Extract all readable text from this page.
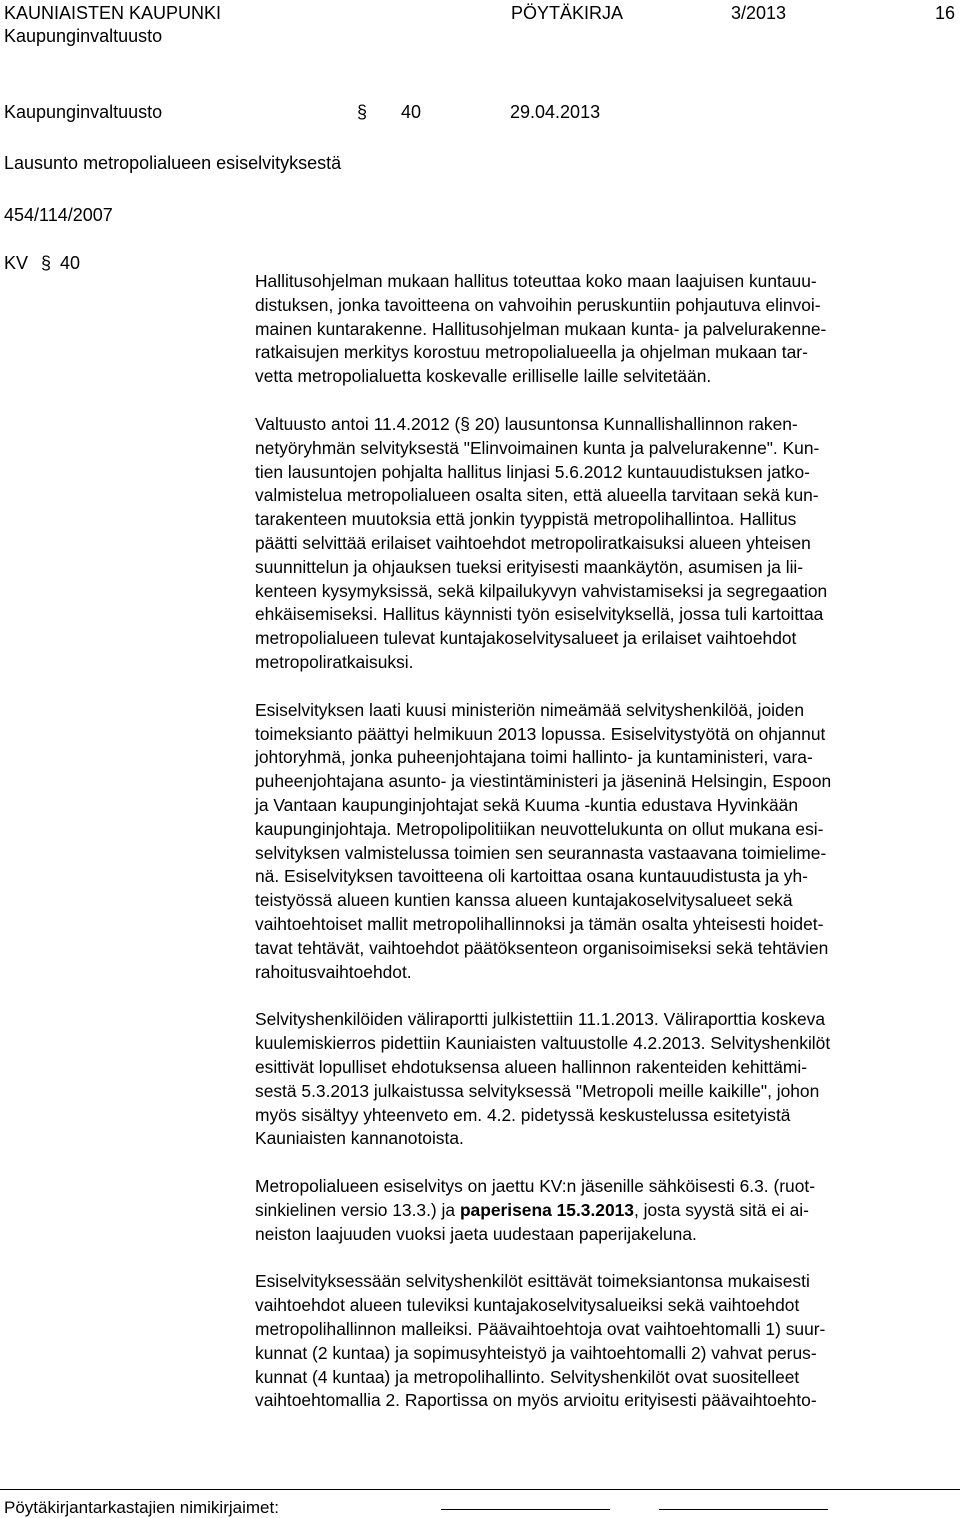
KAUNIAISTEN KAUPUNKI	PÖYTÄKIRJA	3/2013	16
Kaupunginvaltuusto
Kaupunginvaltuusto	§ 40	29.04.2013
Lausunto metropolialueen esiselvityksestä
454/114/2007
KV § 40

Hallitusohjelman mukaan hallitus toteuttaa koko maan laajuisen kuntauu-
distuksen, jonka tavoitteena on vahvoihin peruskuntiin pohjautuva elinvoi-
mainen kuntarakenne. Hallitusohjelman mukaan kunta- ja palvelurakenne-
ratkaisujen merkitys korostuu metropolialueella ja ohjelman mukaan tar-
vetta metropolialuetta koskevalle erilliselle laille selvitetään.

Valtuusto antoi 11.4.2012 (§ 20) lausuntonsa Kunnallishallinnon raken-
netyöryhmän selvityksestä "Elinvoimainen kunta ja palvelurakenne". Kun-
tien lausuntojen pohjalta hallitus linjasi 5.6.2012 kuntauudistuksen jatko-
valmistelua metropolialueen osalta siten, että alueella tarvitaan sekä kun-
tarakenteen muutoksia että jonkin tyyppistä metropolihallintoa. Hallitus
päätti selvittää erilaiset vaihtoehdot metropoliratkaisuksi alueen yhteisen
suunnittelun ja ohjauksen tueksi erityisesti maankäytön, asumisen ja lii-
kenteen kysymyksissä, sekä kilpailukyvyn vahvistamiseksi ja segregaation
ehkäisemiseksi. Hallitus käynnisti työn esiselvityksellä, jossa tuli kartoittaa
metropolialueen tulevat kuntajakoselvitysalueet ja erilaiset vaihtoehdot
metropoliratkaisuksi.

Esiselvityksen laati kuusi ministeriön nimeämää selvityshenkilöä, joiden
toimeksianto päättyi helmikuun 2013 lopussa. Esiselvitystyötä on ohjannut
johtoryhmä, jonka puheenjohtajana toimi hallinto- ja kuntaministeri, vara-
puheenjohtajana asunto- ja viestintäministeri ja jäseninä Helsingin, Espoon
ja Vantaan kaupunginjohtajat sekä Kuuma -kuntia edustava Hyvinkään
kaupunginjohtaja. Metropolipolitiikan neuvottelukunta on ollut mukana esi-
selvityksen valmistelussa toimien sen seurannasta vastaavana toimielime-
nä. Esiselvityksen tavoitteena oli kartoittaa osana kuntauudistusta ja yh-
teistyössä alueen kuntien kanssa alueen kuntajakoselvitysalueet sekä
vaihtoehtoiset mallit metropolihallinnoksi ja tämän osalta yhteisesti hoidet-
tavat tehtävät, vaihtoehdot päätöksenteon organisoimiseksi sekä tehtävien
rahoitusvaihtoehdot.

Selvityshenkilöiden väliraportti julkistettiin 11.1.2013. Väliraporttia koskeva
kuulemiskierros pidettiin Kauniaisten valtuustolle 4.2.2013. Selvityshenkilöt
esittivät lopulliset ehdotuksensa alueen hallinnon rakenteiden kehittämi-
sestä 5.3.2013 julkaistussa selvityksessä "Metropoli meille kaikille", johon
myös sisältyy yhteenveto em. 4.2. pidetyssä keskustelussa esitetyistä
Kauniaisten kannanotoista.

Metropolialueen esiselvitys on jaettu KV:n jäsenille sähköisesti 6.3. (ruot-
sinkielinen versio 13.3.) ja paperisena 15.3.2013, josta syystä sitä ei ai-
neiston laajuuden vuoksi jaeta uudestaan paperijakeluna.

Esiselvityksessään selvityshenkilöt esittävät toimeksiantonsa mukaisesti
vaihtoehdot alueen tuleviksi kuntajakoselvitysalueiksi sekä vaihtoehdot
metropolihallinnon malleiksi. Päävaihtoehtoja ovat vaihtoehtomalli 1) suur-
kunnat (2 kuntaa) ja sopimusyhteistyö ja vaihtoehtomalli 2) vahvat perus-
kunnat (4 kuntaa) ja metropolihallinto. Selvityshenkilöt ovat suositelleet
vaihtoehtomallia 2. Raportissa on myös arvioitu erityisesti päävaihtoehto-

Pöytäkirjantarkastajien nimikirjaimet:
